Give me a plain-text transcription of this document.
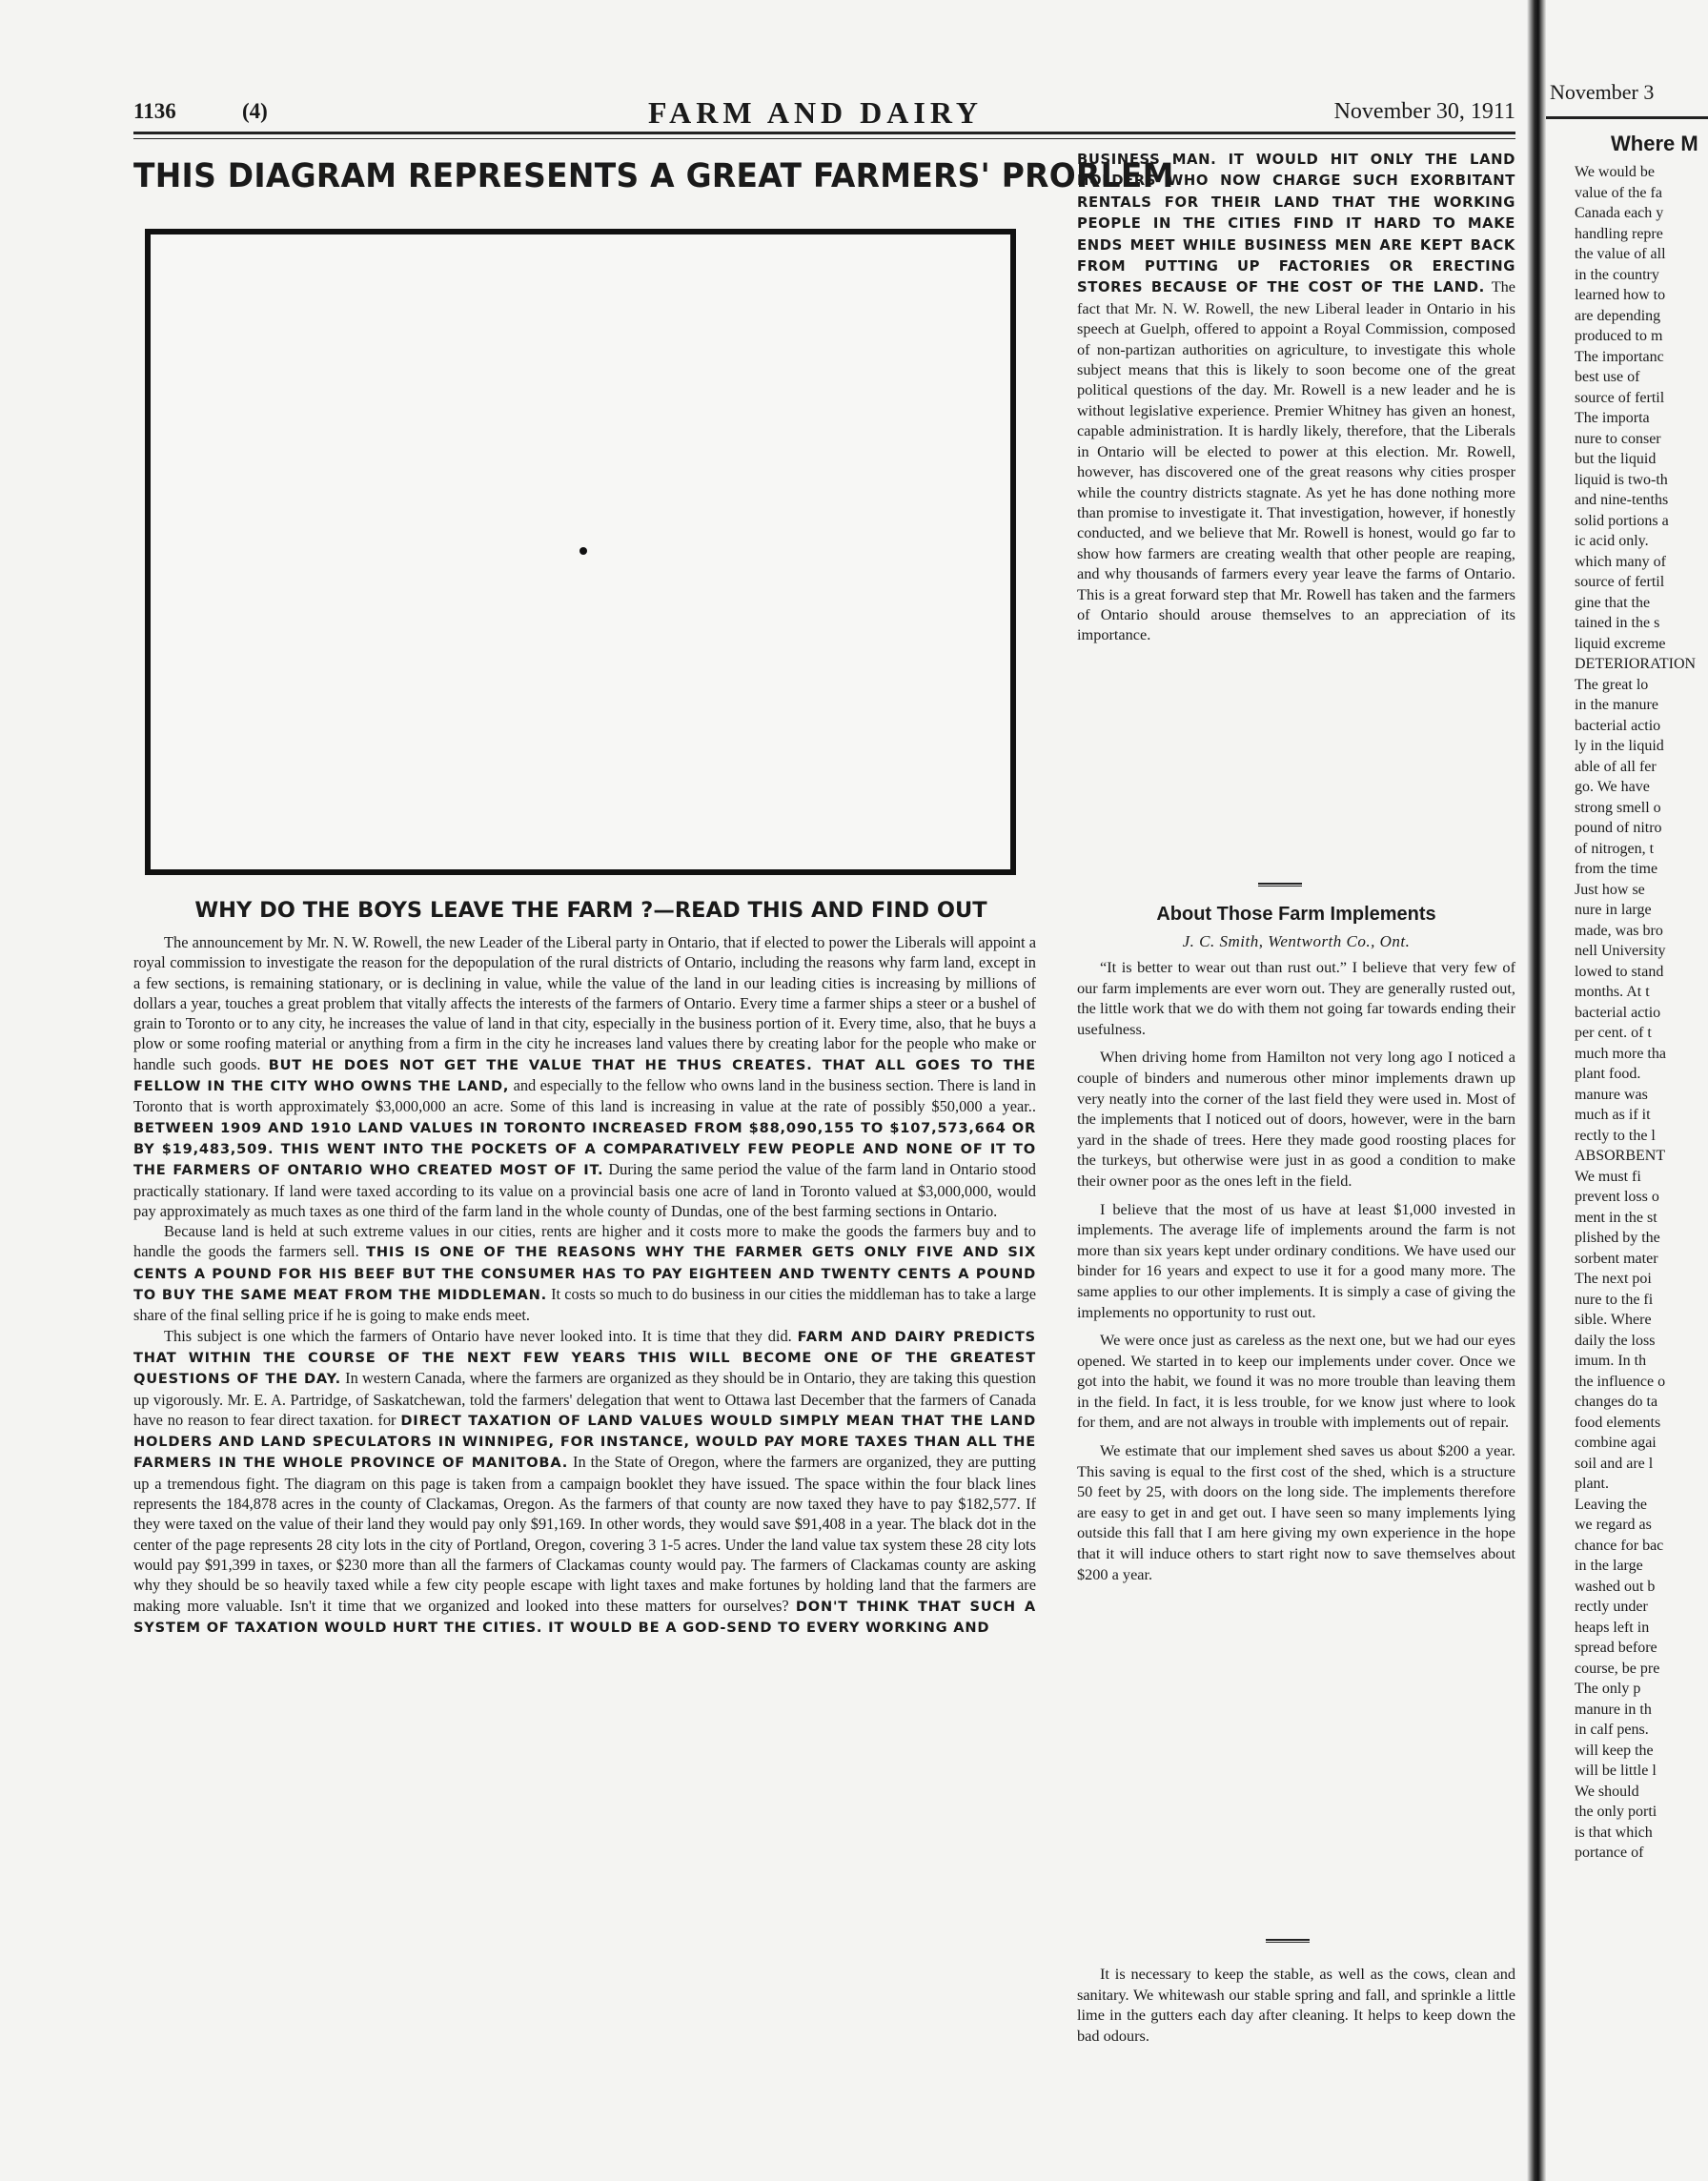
1136	(4)	FARM AND DAIRY	November 30, 1911
THIS DIAGRAM REPRESENTS A GREAT FARMERS' PRORLEM
WHY DO THE BOYS LEAVE THE FARM ?—READ THIS AND FIND OUT

The announcement by Mr. N. W. Rowell, the new Leader of the Liberal party in Ontario, that if elected to power the Liberals will appoint a royal commission to investigate the reason for the depopulation of the rural districts of Ontario, including the reasons why farm land, except in a few sections, is remaining stationary, or is declining in value, while the value of the land in our leading cities is increasing by millions of dollars a year, touches a great problem that vitally affects the interests of the farmers of Ontario. Every time a farmer ships a steer or a bushel of grain to Toronto or to any city, he increases the value of land in that city, especially in the business portion of it. Every time, also, that he buys a plow or some roofing material or anything from a firm in the city he increases land values there by creating labor for the people who make or handle such goods. BUT HE DOES NOT GET THE VALUE THAT HE THUS CREATES. THAT ALL GOES TO THE FELLOW IN THE CITY WHO OWNS THE LAND, and especially to the fellow who owns land in the business section. There is land in Toronto that is worth approximately $3,000,000 an acre. Some of this land is increasing in value at the rate of possibly $50,000 a year.. BETWEEN 1909 AND 1910 LAND VALUES IN TORONTO INCREASED FROM $88,090,155 TO $107,573,664 OR BY $19,483,509. THIS WENT INTO THE POCKETS OF A COMPARATIVELY FEW PEOPLE AND NONE OF IT TO THE FARMERS OF ONTARIO WHO CREATED MOST OF IT. During the same period the value of the farm land in Ontario stood practically stationary. If land were taxed according to its value on a provincial basis one acre of land in Toronto valued at $3,000,000, would pay approximately as much taxes as one third of the farm land in the whole county of Dundas, one of the best farming sections in Ontario.

Because land is held at such extreme values in our cities, rents are higher and it costs more to make the goods the farmers buy and to handle the goods the farmers sell. THIS IS ONE OF THE REASONS WHY THE FARMER GETS ONLY FIVE AND SIX CENTS A POUND FOR HIS BEEF BUT THE CONSUMER HAS TO PAY EIGHTEEN AND TWENTY CENTS A POUND TO BUY THE SAME MEAT FROM THE MIDDLEMAN. It costs so much to do business in our cities the middleman has to take a large share of the final selling price if he is going to make ends meet.

This subject is one which the farmers of Ontario have never looked into. It is time that they did. FARM AND DAIRY PREDICTS THAT WITHIN THE COURSE OF THE NEXT FEW YEARS THIS WILL BECOME ONE OF THE GREATEST QUESTIONS OF THE DAY. In western Canada, where the farmers are organized as they should be in Ontario, they are taking this question up vigorously. Mr. E. A. Partridge, of Saskatchewan, told the farmers' delegation that went to Ottawa last December that the farmers of Canada have no reason to fear direct taxation. for DIRECT TAXATION OF LAND VALUES WOULD SIMPLY MEAN THAT THE LAND HOLDERS AND LAND SPECULATORS IN WINNIPEG, FOR INSTANCE, WOULD PAY MORE TAXES THAN ALL THE FARMERS IN THE WHOLE PROVINCE OF MANITOBA. In the State of Oregon, where the farmers are organized, they are putting up a tremendous fight. The diagram on this page is taken from a campaign booklet they have issued. The space within the four black lines represents the 184,878 acres in the county of Clackamas, Oregon. As the farmers of that county are now taxed they have to pay $182,577. If they were taxed on the value of their land they would pay only $91,169. In other words, they would save $91,408 in a year. The black dot in the center of the page represents 28 city lots in the city of Portland, Oregon, covering 3 1-5 acres. Under the land value tax system these 28 city lots would pay $91,399 in taxes, or $230 more than all the farmers of Clackamas county would pay. The farmers of Clackamas county are asking why they should be so heavily taxed while a few city people escape with light taxes and make fortunes by holding land that the farmers are making more valuable. Isn't it time that we organized and looked into these matters for ourselves? DON'T THINK THAT SUCH A SYSTEM OF TAXATION WOULD HURT THE CITIES. IT WOULD BE A GOD-SEND TO EVERY WORKING AND

BUSINESS MAN. IT WOULD HIT ONLY THE LAND HOLDERS WHO NOW CHARGE SUCH EXORBITANT RENTALS FOR THEIR LAND THAT THE WORKING PEOPLE IN THE CITIES FIND IT HARD TO MAKE ENDS MEET WHILE BUSINESS MEN ARE KEPT BACK FROM PUTTING UP FACTORIES OR ERECTING STORES BECAUSE OF THE COST OF THE LAND. The fact that Mr. N. W. Rowell, the new Liberal leader in Ontario in his speech at Guelph, offered to appoint a Royal Commission, composed of non-partizan authorities on agriculture, to investigate this whole subject means that this is likely to soon become one of the great political questions of the day. Mr. Rowell is a new leader and he is without legislative experience. Premier Whitney has given an honest, capable administration. It is hardly likely, therefore, that the Liberals in Ontario will be elected to power at this election. Mr. Rowell, however, has discovered one of the great reasons why cities prosper while the country districts stagnate. As yet he has done nothing more than promise to investigate it. That investigation, however, if honestly conducted, and we believe that Mr. Rowell is honest, would go far to show how farmers are creating wealth that other people are reaping, and why thousands of farmers every year leave the farms of Ontario. This is a great forward step that Mr. Rowell has taken and the farmers of Ontario should arouse themselves to an appreciation of its importance.

About Those Farm Implements
J. C. Smith, Wentworth Co., Ont.

“It is better to wear out than rust out.” I believe that very few of our farm implements are ever worn out. They are generally rusted out, the little work that we do with them not going far towards ending their usefulness.

When driving home from Hamilton not very long ago I noticed a couple of binders and numerous other minor implements drawn up very neatly into the corner of the last field they were used in. Most of the implements that I noticed out of doors, however, were in the barn yard in the shade of trees. Here they made good roosting places for the turkeys, but otherwise were just in as good a condition to make their owner poor as the ones left in the field.

I believe that the most of us have at least $1,000 invested in implements. The average life of implements around the farm is not more than six years kept under ordinary conditions. We have used our binder for 16 years and expect to use it for a good many more. The same applies to our other implements. It is simply a case of giving the implements no opportunity to rust out.

We were once just as careless as the next one, but we had our eyes opened. We started in to keep our implements under cover. Once we got into the habit, we found it was no more trouble than leaving them in the field. In fact, it is less trouble, for we know just where to look for them, and are not always in trouble with implements out of repair.

We estimate that our implement shed saves us about $200 a year. This saving is equal to the first cost of the shed, which is a structure 50 feet by 25, with doors on the long side. The implements therefore are easy to get in and get out. I have seen so many implements lying outside this fall that I am here giving my own experience in the hope that it will induce others to start right now to save themselves about $200 a year.

It is necessary to keep the stable, as well as the cows, clean and sanitary. We whitewash our stable spring and fall, and sprinkle a little lime in the gutters each day after cleaning. It helps to keep down the bad odours.

November 3
Where M
We would be
value of the fa
Canada each y
handling repre
the value of all
in the country
learned how to
are depending
produced to m
The importanc
best use of
source of fertil
The importa
nure to conser
but the liquid
liquid is two-th
and nine-tenths
solid portions a
ic acid only.
which many of
source of fertil
gine that the
tained in the s
liquid excreme
DETERIORATION
The great lo
in the manure
bacterial actio
ly in the liquid
able of all fer
go. We have
strong smell o
pound of nitro
of nitrogen, t
from the time
Just how se
nure in large
made, was bro
nell University
lowed to stand
months. At t
bacterial actio
per cent. of t
much more tha
plant food.
manure was
much as if it
rectly to the l
ABSORBENT
We must fi
prevent loss o
ment in the st
plished by the
sorbent mater
The next poi
nure to the fi
sible. Where
daily the loss
imum. In th
the influence o
changes do ta
food elements
combine agai
soil and are l
plant.
Leaving the
we regard as
chance for bac
in the large
washed out b
rectly under
heaps left in
spread before
course, be pre
The only p
manure in th
in calf pens.
will keep the
will be little l
We should
the only porti
is that which
portance of
